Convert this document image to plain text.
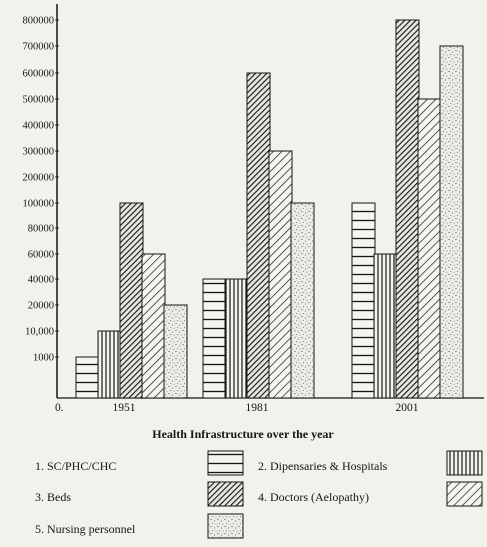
1000
10,000
20000
40000
60000
80000
100000
200000
300000
400000
500000
600000
700000
800000
1951	1981	2001
0.
Health Infrastructure over the year
1. SC/PHC/CHC	2. Dipensaries & Hospitals
3. Beds	4. Doctors (Aelopathy)
5. Nursing personnel
